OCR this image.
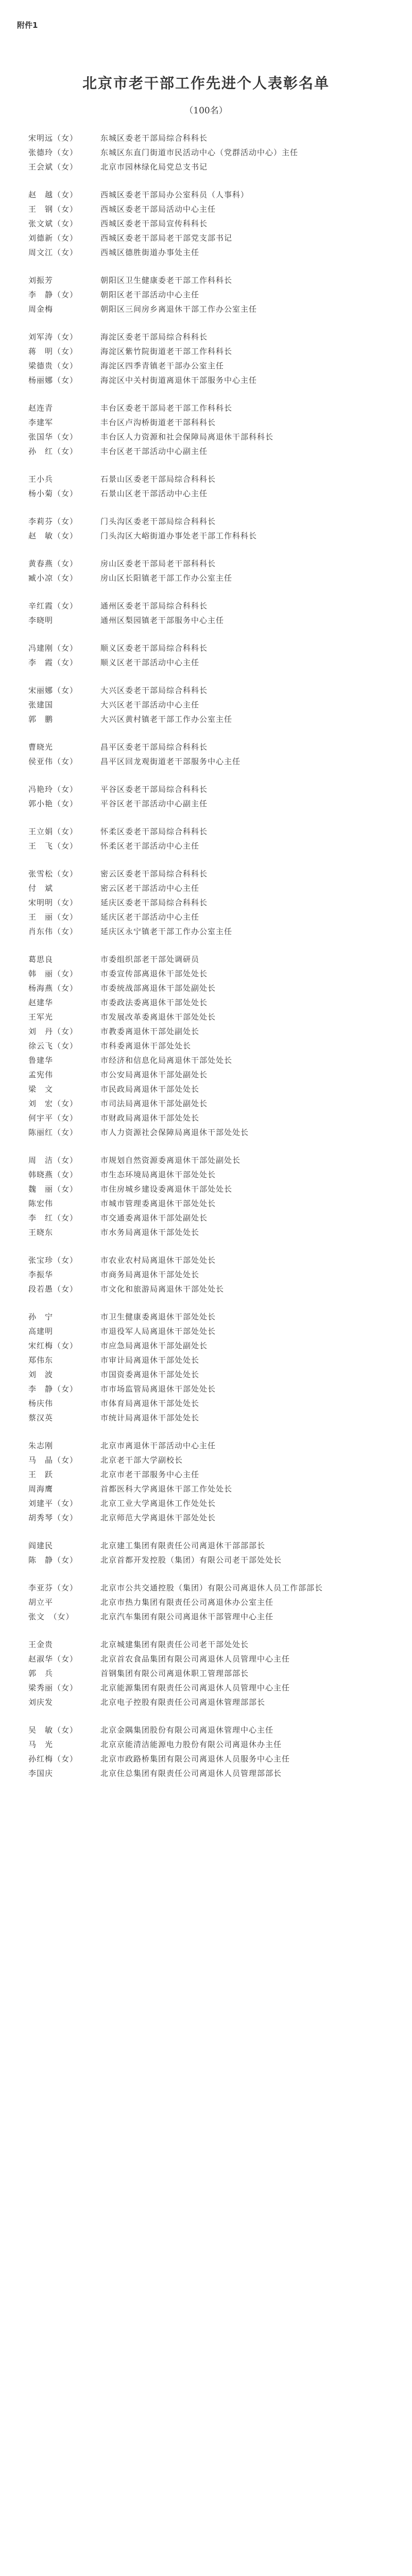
附件1
北京市老干部工作先进个人表彰名单
（100名）
宋明远（女）	东城区委老干部局综合科科长
张德玲（女）	东城区东直门街道市民活动中心（党群活动中心）主任
王会斌（女）	北京市园林绿化局党总支书记
赵　越（女）	西城区委老干部局办公室科员（人事科）
王　钢（女）	西城区委老干部局活动中心主任
张文斌（女）	西城区委老干部局宣传科科长
刘德新（女）	西城区委老干部局老干部党支部书记
周文江（女）	西城区德胜街道办事处主任
刘振芳	朝阳区卫生健康委老干部工作科科长
李　静（女）	朝阳区老干部活动中心主任
周金梅	朝阳区三间房乡离退休干部工作办公室主任
刘军涛（女）	海淀区委老干部局综合科科长
蒋　明（女）	海淀区紫竹院街道老干部工作科科长
梁德贵（女）	海淀区四季青镇老干部办公室主任
杨丽娜（女）	海淀区中关村街道离退休干部服务中心主任
赵连青	丰台区委老干部局老干部工作科科长
李建军	丰台区卢沟桥街道老干部科科长
张国华（女）	丰台区人力资源和社会保障局离退休干部科科长
孙　红（女）	丰台区老干部活动中心副主任
王小兵	石景山区委老干部局综合科科长
杨小菊（女）	石景山区老干部活动中心主任
李莉芬（女）	门头沟区委老干部局综合科科长
赵　敏（女）	门头沟区大峪街道办事处老干部工作科科长
黄春燕（女）	房山区委老干部局老干部科科长
臧小凉（女）	房山区长阳镇老干部工作办公室主任
辛红霞（女）	通州区委老干部局综合科科长
李晓明	通州区梨园镇老干部服务中心主任
冯建刚（女）	顺义区委老干部局综合科科长
李　霞（女）	顺义区老干部活动中心主任
宋丽娜（女）	大兴区委老干部局综合科科长
张建国	大兴区老干部活动中心主任
郭　鹏	大兴区黄村镇老干部工作办公室主任
曹晓光	昌平区委老干部局综合科科长
侯亚伟（女）	昌平区回龙观街道老干部服务中心主任
冯艳玲（女）	平谷区委老干部局综合科科长
郭小艳（女）	平谷区老干部活动中心副主任
王立娟（女）	怀柔区委老干部局综合科科长
王　飞（女）	怀柔区老干部活动中心主任
张雪松（女）	密云区委老干部局综合科科长
付　斌	密云区老干部活动中心主任
宋明明（女）	延庆区委老干部局综合科科长
王　丽（女）	延庆区老干部活动中心主任
肖东伟（女）	延庆区永宁镇老干部工作办公室主任
葛思良	市委组织部老干部处调研员
韩　丽（女）	市委宣传部离退休干部处处长
杨海燕（女）	市委统战部离退休干部处副处长
赵建华	市委政法委离退休干部处处长
王军光	市发展改革委离退休干部处处长
刘　丹（女）	市教委离退休干部处副处长
徐云飞（女）	市科委离退休干部处处长
鲁建华	市经济和信息化局离退休干部处处长
孟宪伟	市公安局离退休干部处副处长
梁　文	市民政局离退休干部处处长
刘　宏（女）	市司法局离退休干部处副处长
何宇平（女）	市财政局离退休干部处处长
陈丽红（女）	市人力资源社会保障局离退休干部处处长
周　洁（女）	市规划自然资源委离退休干部处副处长
韩晓燕（女）	市生态环境局离退休干部处处长
魏　丽（女）	市住房城乡建设委离退休干部处处长
陈宏伟	市城市管理委离退休干部处处长
李　红（女）	市交通委离退休干部处副处长
王晓东	市水务局离退休干部处处长
张宝珍（女）	市农业农村局离退休干部处处长
李振华	市商务局离退休干部处处长
段若愚（女）	市文化和旅游局离退休干部处处长
孙　宁	市卫生健康委离退休干部处处长
高建明	市退役军人局离退休干部处处长
宋红梅（女）	市应急局离退休干部处副处长
郑伟东	市审计局离退休干部处处长
刘　波	市国资委离退休干部处处长
李　静（女）	市市场监管局离退休干部处处长
杨庆伟	市体育局离退休干部处处长
蔡汉英	市统计局离退休干部处处长
朱志刚	北京市离退休干部活动中心主任
马　晶（女）	北京老干部大学副校长
王　跃	北京市老干部服务中心主任
周海鹰	首都医科大学离退休干部工作处处长
刘建平（女）	北京工业大学离退休工作处处长
胡秀琴（女）	北京师范大学离退休干部处处长
阎建民	北京建工集团有限责任公司离退休干部部部长
陈　静（女）	北京首都开发控股（集团）有限公司老干部处处长
李亚芬（女）	北京市公共交通控股（集团）有限公司离退休人员工作部部长
胡立平	北京市热力集团有限责任公司离退休办公室主任
张文　（女）	北京汽车集团有限公司离退休干部管理中心主任
王金贵	北京城建集团有限责任公司老干部处处长
赵淑华（女）	北京首农食品集团有限公司离退休人员管理中心主任
郭　兵	首钢集团有限公司离退休职工管理部部长
梁秀丽（女）	北京能源集团有限责任公司离退休人员管理中心主任
刘庆发	北京电子控股有限责任公司离退休管理部部长
吴　敏（女）	北京金隅集团股份有限公司离退休管理中心主任
马　光	北京京能清洁能源电力股份有限公司离退休办主任
孙红梅（女）	北京市政路桥集团有限公司离退休人员服务中心主任
李国庆	北京住总集团有限责任公司离退休人员管理部部长
